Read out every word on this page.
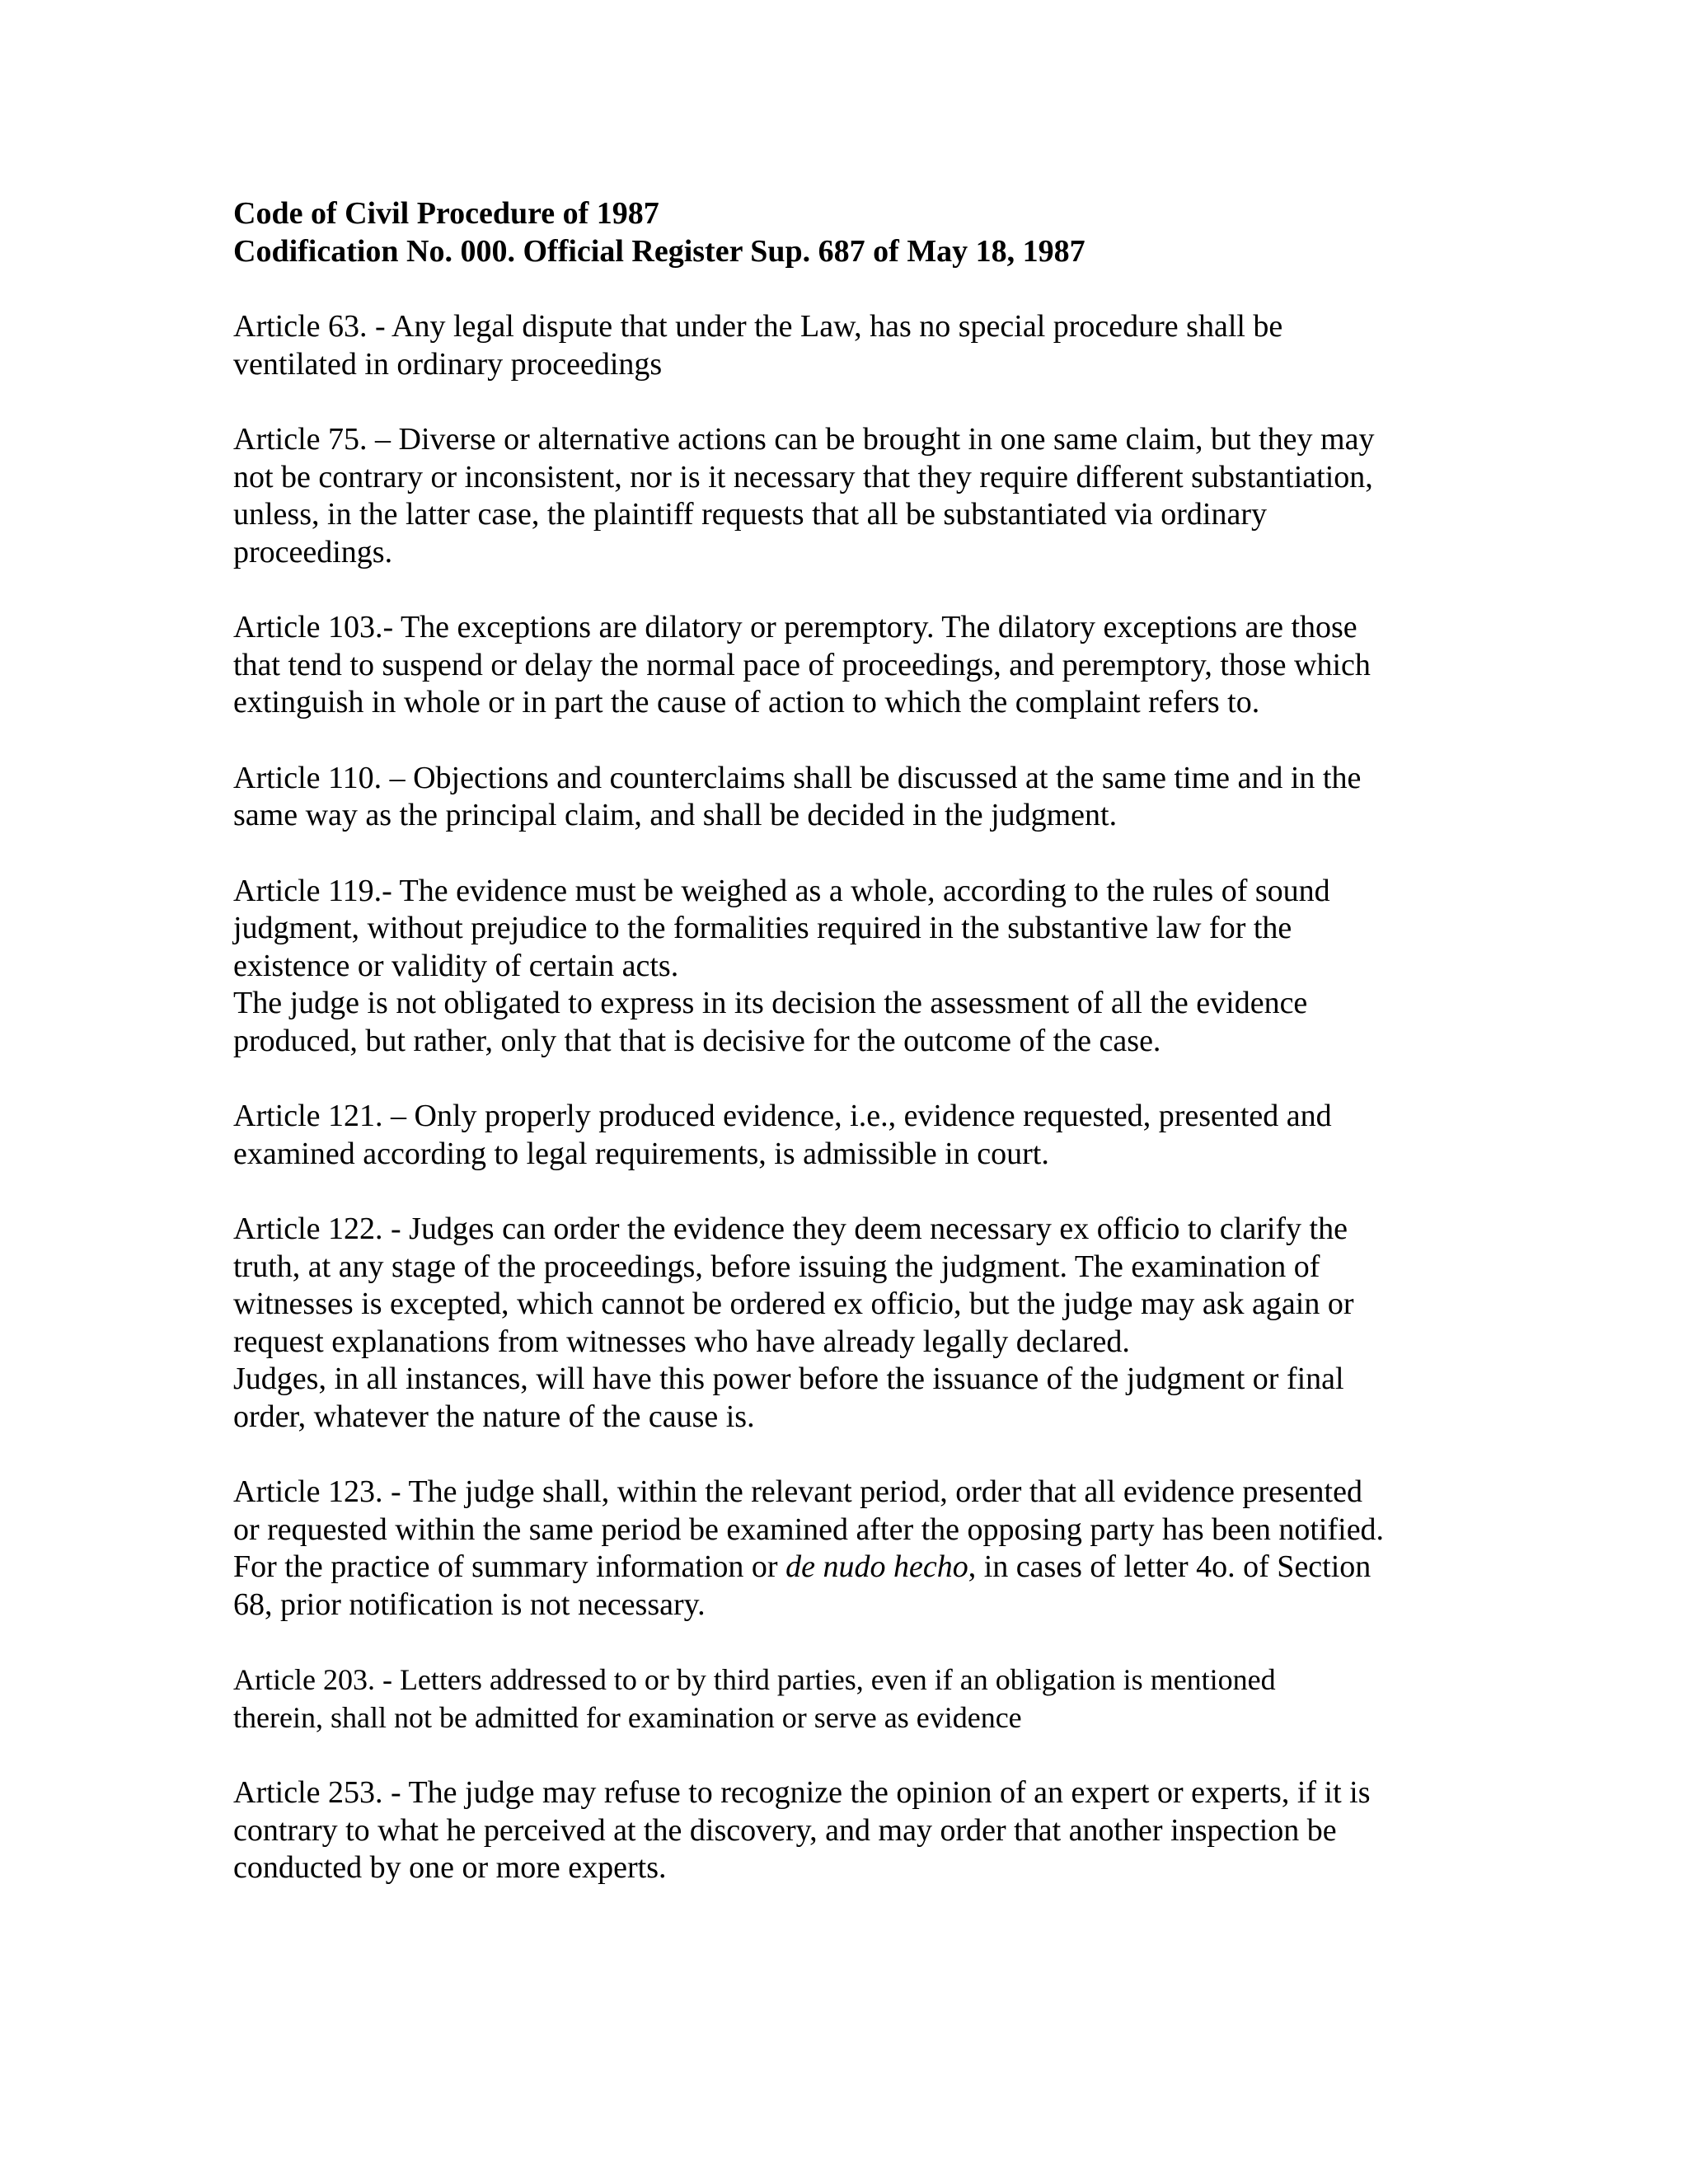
Code of Civil Procedure of 1987
Codification No. 000. Official Register Sup. 687 of May 18, 1987
Article 63. - Any legal dispute that under the Law, has no special procedure shall be
ventilated in ordinary proceedings
Article 75. – Diverse or alternative actions can be brought in one same claim, but they may
not be contrary or inconsistent, nor is it necessary that they require different substantiation,
unless, in the latter case, the plaintiff requests that all be substantiated via ordinary
proceedings.
Article 103.- The exceptions are dilatory or peremptory. The dilatory exceptions are those
that tend to suspend or delay the normal pace of proceedings, and peremptory, those which
extinguish in whole or in part the cause of action to which the complaint refers to.
Article 110. – Objections and counterclaims shall be discussed at the same time and in the
same way as the principal claim, and shall be decided in the judgment.
Article 119.- The evidence must be weighed as a whole, according to the rules of sound
judgment, without prejudice to the formalities required in the substantive law for the
existence or validity of certain acts.
The judge is not obligated to express in its decision the assessment of all the evidence
produced, but rather, only that that is decisive for the outcome of the case.
Article 121. – Only properly produced evidence, i.e., evidence requested, presented and
examined according to legal requirements, is admissible in court.
Article 122. - Judges can order the evidence they deem necessary ex officio to clarify the
truth, at any stage of the proceedings, before issuing the judgment. The examination of
witnesses is excepted, which cannot be ordered ex officio, but the judge may ask again or
request explanations from witnesses who have already legally declared.
Judges, in all instances, will have this power before the issuance of the judgment or final
order, whatever the nature of the cause is.
Article 123. - The judge shall, within the relevant period, order that all evidence presented
or requested within the same period be examined after the opposing party has been notified.
For the practice of summary information or de nudo hecho, in cases of letter 4o. of Section
68, prior notification is not necessary.
Article 203. - Letters addressed to or by third parties, even if an obligation is mentioned
therein, shall not be admitted for examination or serve as evidence
Article 253. - The judge may refuse to recognize the opinion of an expert or experts, if it is
contrary to what he perceived at the discovery, and may order that another inspection be
conducted by one or more experts.
